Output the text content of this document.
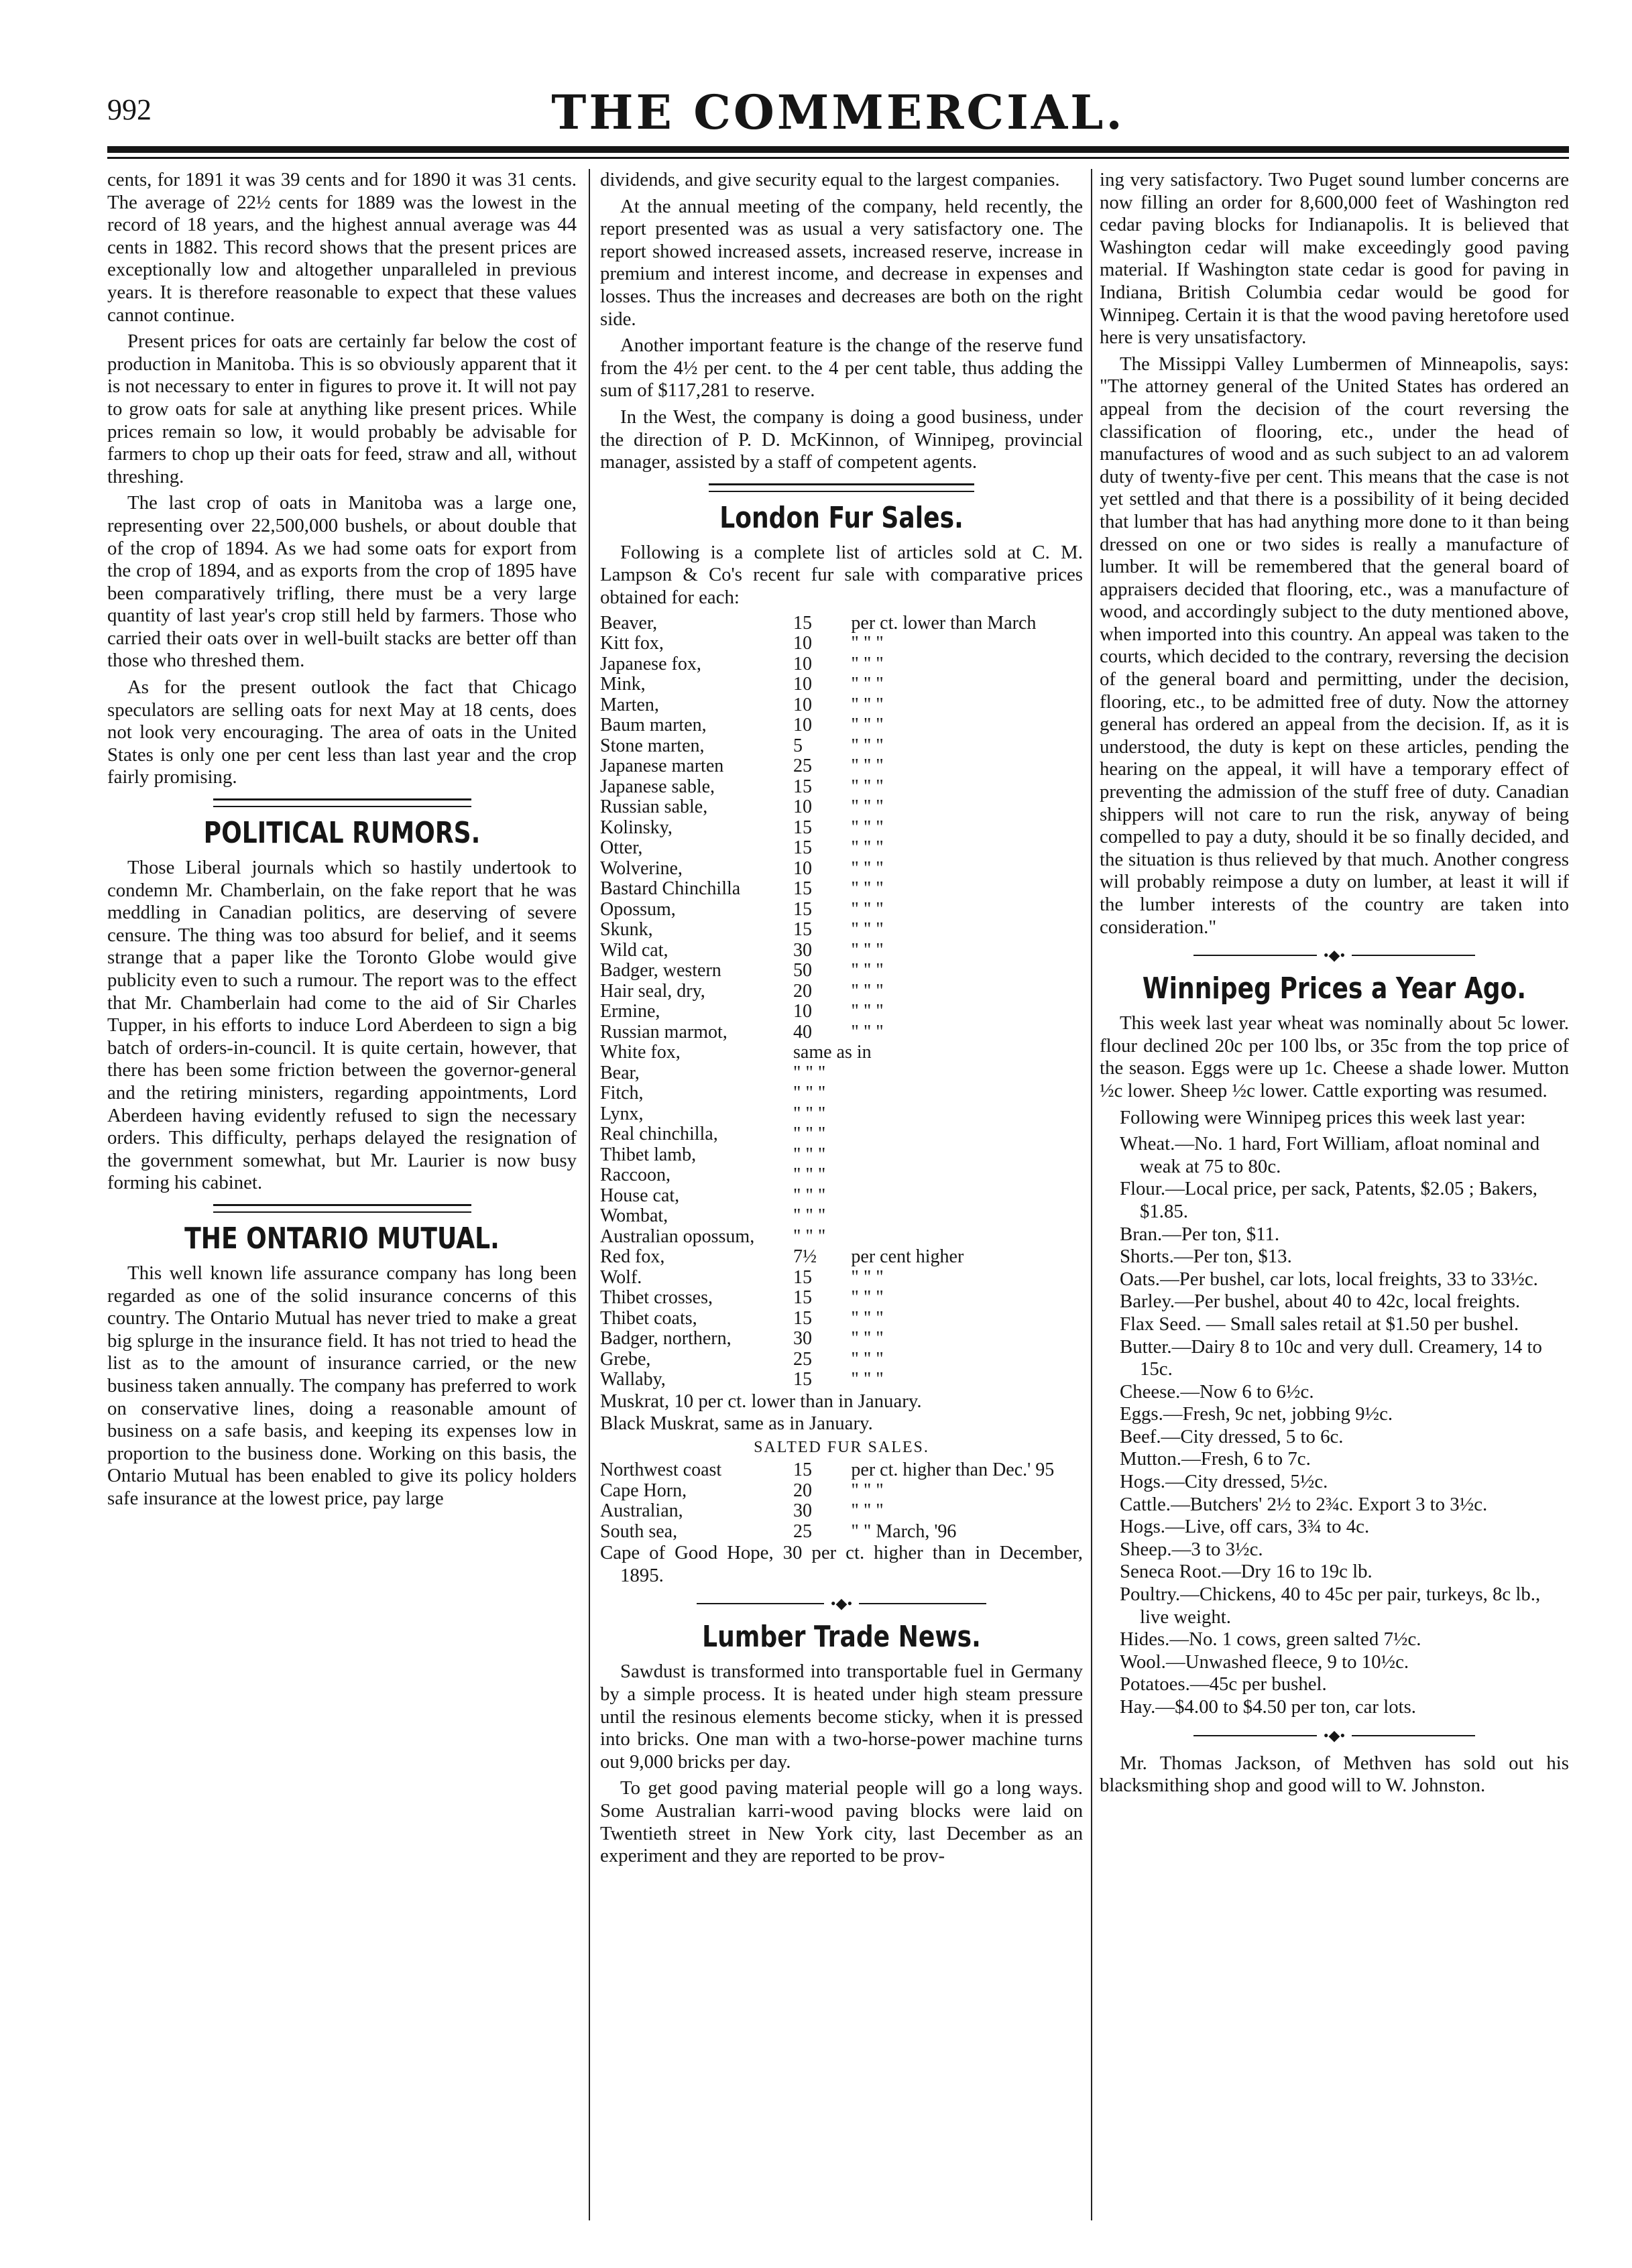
992	THE COMMERCIAL.

cents, for 1891 it was 39 cents and for 1890 it was 31 cents. The average of 22½ cents for 1889 was the lowest in the record of 18 years, and the highest annual average was 44 cents in 1882. This record shows that the present prices are exceptionally low and altogether unparalleled in previous years. It is therefore reasonable to expect that these values cannot continue.

Present prices for oats are certainly far below the cost of production in Manitoba. This is so obviously apparent that it is not necessary to enter in figures to prove it. It will not pay to grow oats for sale at anything like present prices. While prices remain so low, it would probably be advisable for farmers to chop up their oats for feed, straw and all, without threshing.

The last crop of oats in Manitoba was a large one, representing over 22,500,000 bushels, or about double that of the crop of 1894. As we had some oats for export from the crop of 1894, and as exports from the crop of 1895 have been comparatively trifling, there must be a very large quantity of last year's crop still held by farmers. Those who carried their oats over in well-built stacks are better off than those who threshed them.

As for the present outlook the fact that Chicago speculators are selling oats for next May at 18 cents, does not look very encouraging. The area of oats in the United States is only one per cent less than last year and the crop fairly promising.

POLITICAL RUMORS.

Those Liberal journals which so hastily undertook to condemn Mr. Chamberlain, on the fake report that he was meddling in Canadian politics, are deserving of severe censure. The thing was too absurd for belief, and it seems strange that a paper like the Toronto Globe would give publicity even to such a rumour. The report was to the effect that Mr. Chamberlain had come to the aid of Sir Charles Tupper, in his efforts to induce Lord Aberdeen to sign a big batch of orders-in-council. It is quite certain, however, that there has been some friction between the governor-general and the retiring ministers, regarding appointments, Lord Aberdeen having evidently refused to sign the necessary orders. This difficulty, perhaps delayed the resignation of the government somewhat, but Mr. Laurier is now busy forming his cabinet.

THE ONTARIO MUTUAL.

This well known life assurance company has long been regarded as one of the solid insurance concerns of this country. The Ontario Mutual has never tried to make a great big splurge in the insurance field. It has not tried to head the list as to the amount of insurance carried, or the new business taken annually. The company has preferred to work on conservative lines, doing a reasonable amount of business on a safe basis, and keeping its expenses low in proportion to the business done. Working on this basis, the Ontario Mutual has been enabled to give its policy holders safe insurance at the lowest price, pay large

dividends, and give security equal to the largest companies.

At the annual meeting of the company, held recently, the report presented was as usual a very satisfactory one. The report showed increased assets, increased reserve, increase in premium and interest income, and decrease in expenses and losses. Thus the increases and decreases are both on the right side.

Another important feature is the change of the reserve fund from the 4½ per cent. to the 4 per cent table, thus adding the sum of $117,281 to reserve.

In the West, the company is doing a good business, under the direction of P. D. McKinnon, of Winnipeg, provincial manager, assisted by a staff of competent agents.

London Fur Sales.

Following is a complete list of articles sold at C. M. Lampson & Co's recent fur sale with comparative prices obtained for each:

Beaver,	15	per ct. lower than March
Kitt fox,	10	" " "
Japanese fox,	10	" " "
Mink,	10	" " "
Marten,	10	" " "
Baum marten,	10	" " "
Stone marten,	5	" " "
Japanese marten	25	" " "
Japanese sable,	15	" " "
Russian sable,	10	" " "
Kolinsky,	15	" " "
Otter,	15	" " "
Wolverine,	10	" " "
Bastard Chinchilla	15	" " "
Opossum,	15	" " "
Skunk,	15	" " "
Wild cat,	30	" " "
Badger, western	50	" " "
Hair seal, dry,	20	" " "
Ermine,	10	" " "
Russian marmot,	40	" " "
White fox,	same as in	
Bear,	" " "	
Fitch,	" " "	
Lynx,	" " "	
Real chinchilla,	" " "	
Thibet lamb,	" " "	
Raccoon,	" " "	
House cat,	" " "	
Wombat,	" " "	
Australian opossum,	" " "	
Red fox,	7½	per cent higher
Wolf.	15	" " "
Thibet crosses,	15	" " "
Thibet coats,	15	" " "
Badger, northern,	30	" " "
Grebe,	25	" " "
Wallaby,	15	" " "

Muskrat, 10 per ct. lower than in January.

Black Muskrat, same as in January.

SALTED FUR SALES.
Northwest coast	15	per ct. higher than Dec.' 95
Cape Horn,	20	" " "
Australian,	30	" " "
South sea,	25	" " March, '96

Cape of Good Hope, 30 per ct. higher than in December, 1895.

•◆•
Lumber Trade News.

Sawdust is transformed into transportable fuel in Germany by a simple process. It is heated under high steam pressure until the resinous elements become sticky, when it is pressed into bricks. One man with a two-horse-power machine turns out 9,000 bricks per day.

To get good paving material people will go a long ways. Some Australian karri-wood paving blocks were laid on Twentieth street in New York city, last December as an experiment and they are reported to be prov-

ing very satisfactory. Two Puget sound lumber concerns are now filling an order for 8,600,000 feet of Washington red cedar paving blocks for Indianapolis. It is believed that Washington cedar will make exceedingly good paving material. If Washington state cedar is good for paving in Indiana, British Columbia cedar would be good for Winnipeg. Certain it is that the wood paving heretofore used here is very unsatisfactory.

The Missippi Valley Lumbermen of Minneapolis, says: "The attorney general of the United States has ordered an appeal from the decision of the court reversing the classification of flooring, etc., under the head of manufactures of wood and as such subject to an ad valorem duty of twenty-five per cent. This means that the case is not yet settled and that there is a possibility of it being decided that lumber that has had anything more done to it than being dressed on one or two sides is really a manufacture of lumber. It will be remembered that the general board of appraisers decided that flooring, etc., was a manufacture of wood, and accordingly subject to the duty mentioned above, when imported into this country. An appeal was taken to the courts, which decided to the contrary, reversing the decision of the general board and permitting, under the decision, flooring, etc., to be admitted free of duty. Now the attorney general has ordered an appeal from the decision. If, as it is understood, the duty is kept on these articles, pending the hearing on the appeal, it will have a temporary effect of preventing the admission of the stuff free of duty. Canadian shippers will not care to run the risk, anyway of being compelled to pay a duty, should it be so finally decided, and the situation is thus relieved by that much. Another congress will probably reimpose a duty on lumber, at least it will if the lumber interests of the country are taken into consideration."

•◆•
Winnipeg Prices a Year Ago.

This week last year wheat was nominally about 5c lower. flour declined 20c per 100 lbs, or 35c from the top price of the season. Eggs were up 1c. Cheese a shade lower. Mutton ½c lower. Sheep ½c lower. Cattle exporting was resumed.

Following were Winnipeg prices this week last year:

Wheat.—No. 1 hard, Fort William, afloat nominal and weak at 75 to 80c.

Flour.—Local price, per sack, Patents, $2.05 ; Bakers, $1.85.

Bran.—Per ton, $11.

Shorts.—Per ton, $13.

Oats.—Per bushel, car lots, local freights, 33 to 33½c.

Barley.—Per bushel, about 40 to 42c, local freights.

Flax Seed. — Small sales retail at $1.50 per bushel.

Butter.—Dairy 8 to 10c and very dull. Creamery, 14 to 15c.

Cheese.—Now 6 to 6½c.

Eggs.—Fresh, 9c net, jobbing 9½c.

Beef.—City dressed, 5 to 6c.

Mutton.—Fresh, 6 to 7c.

Hogs.—City dressed, 5½c.

Cattle.—Butchers' 2½ to 2¾c. Export 3 to 3½c.

Hogs.—Live, off cars, 3¾ to 4c.

Sheep.—3 to 3½c.

Seneca Root.—Dry 16 to 19c lb.

Poultry.—Chickens, 40 to 45c per pair, turkeys, 8c lb., live weight.

Hides.—No. 1 cows, green salted 7½c.

Wool.—Unwashed fleece, 9 to 10½c.

Potatoes.—45c per bushel.

Hay.—$4.00 to $4.50 per ton, car lots.

•◆•

Mr. Thomas Jackson, of Methven has sold out his blacksmithing shop and good will to W. Johnston.
